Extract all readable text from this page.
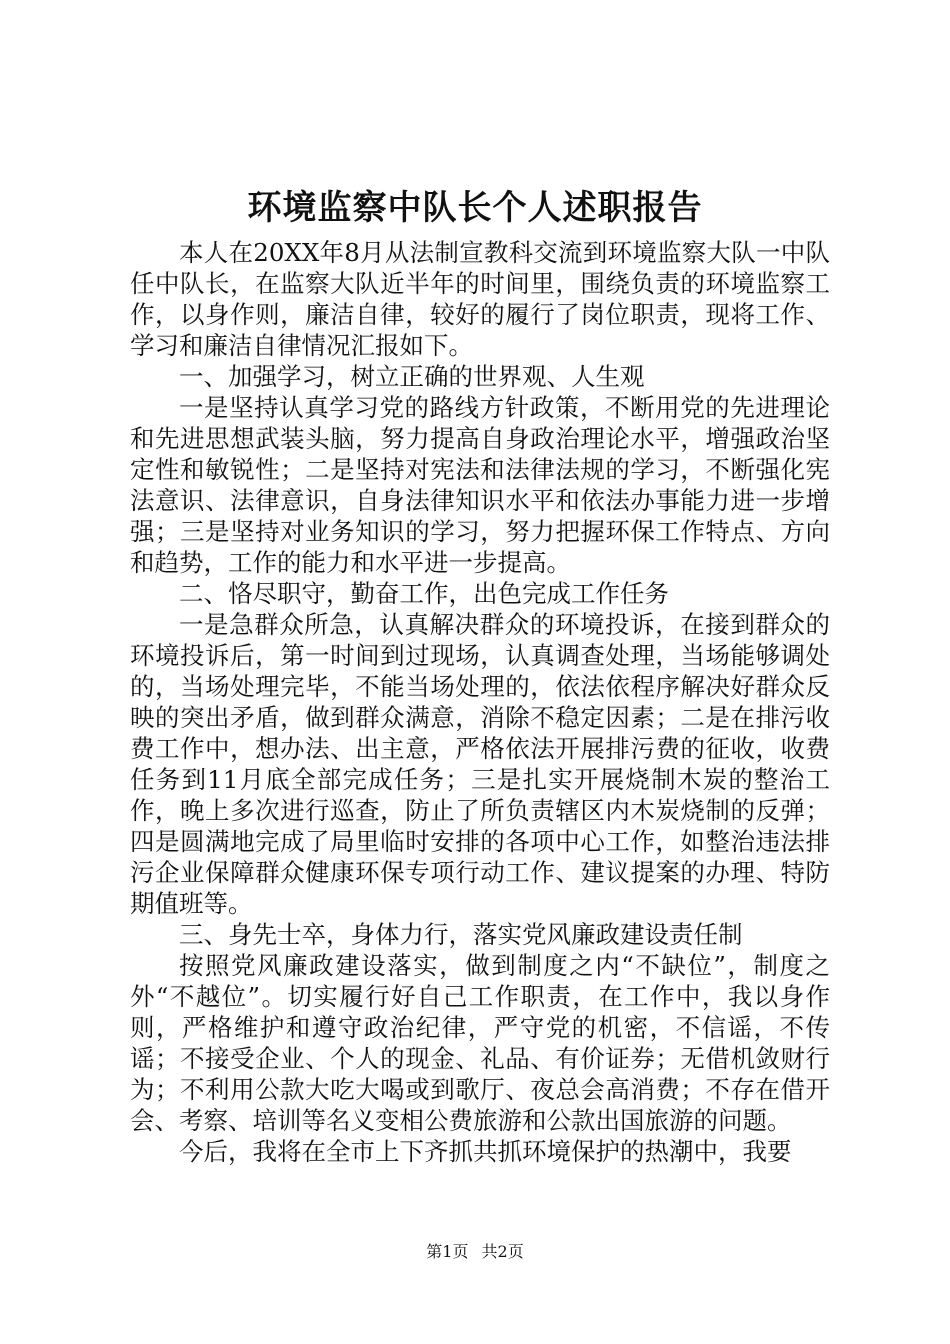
环境监察中队长个人述职报告

本人在20XX年8月从法制宣教科交流到环境监察大队一中队任中队长，在监察大队近半年的时间里，围绕负责的环境监察工作，以身作则，廉洁自律，较好的履行了岗位职责，现将工作、学习和廉洁自律情况汇报如下。

一、加强学习，树立正确的世界观、人生观

一是坚持认真学习党的路线方针政策，不断用党的先进理论和先进思想武装头脑，努力提高自身政治理论水平，增强政治坚定性和敏锐性；二是坚持对宪法和法律法规的学习，不断强化宪法意识、法律意识，自身法律知识水平和依法办事能力进一步增强；三是坚持对业务知识的学习，努力把握环保工作特点、方向和趋势，工作的能力和水平进一步提高。

二、恪尽职守，勤奋工作，出色完成工作任务

一是急群众所急，认真解决群众的环境投诉，在接到群众的环境投诉后，第一时间到过现场，认真调查处理，当场能够调处的，当场处理完毕，不能当场处理的，依法依程序解决好群众反映的突出矛盾，做到群众满意，消除不稳定因素；二是在排污收费工作中，想办法、出主意，严格依法开展排污费的征收，收费任务到11月底全部完成任务；三是扎实开展烧制木炭的整治工作，晚上多次进行巡查，防止了所负责辖区内木炭烧制的反弹；四是圆满地完成了局里临时安排的各项中心工作，如整治违法排污企业保障群众健康环保专项行动工作、建议提案的办理、特防期值班等。

三、身先士卒，身体力行，落实党风廉政建设责任制

按照党风廉政建设落实，做到制度之内“不缺位”，制度之外“不越位”。切实履行好自己工作职责，在工作中，我以身作则，严格维护和遵守政治纪律，严守党的机密，不信谣，不传谣；不接受企业、个人的现金、礼品、有价证券；无借机敛财行为；不利用公款大吃大喝或到歌厅、夜总会高消费；不存在借开会、考察、培训等名义变相公费旅游和公款出国旅游的问题。

今后，我将在全市上下齐抓共抓环境保护的热潮中，我要

第1页 共2页
